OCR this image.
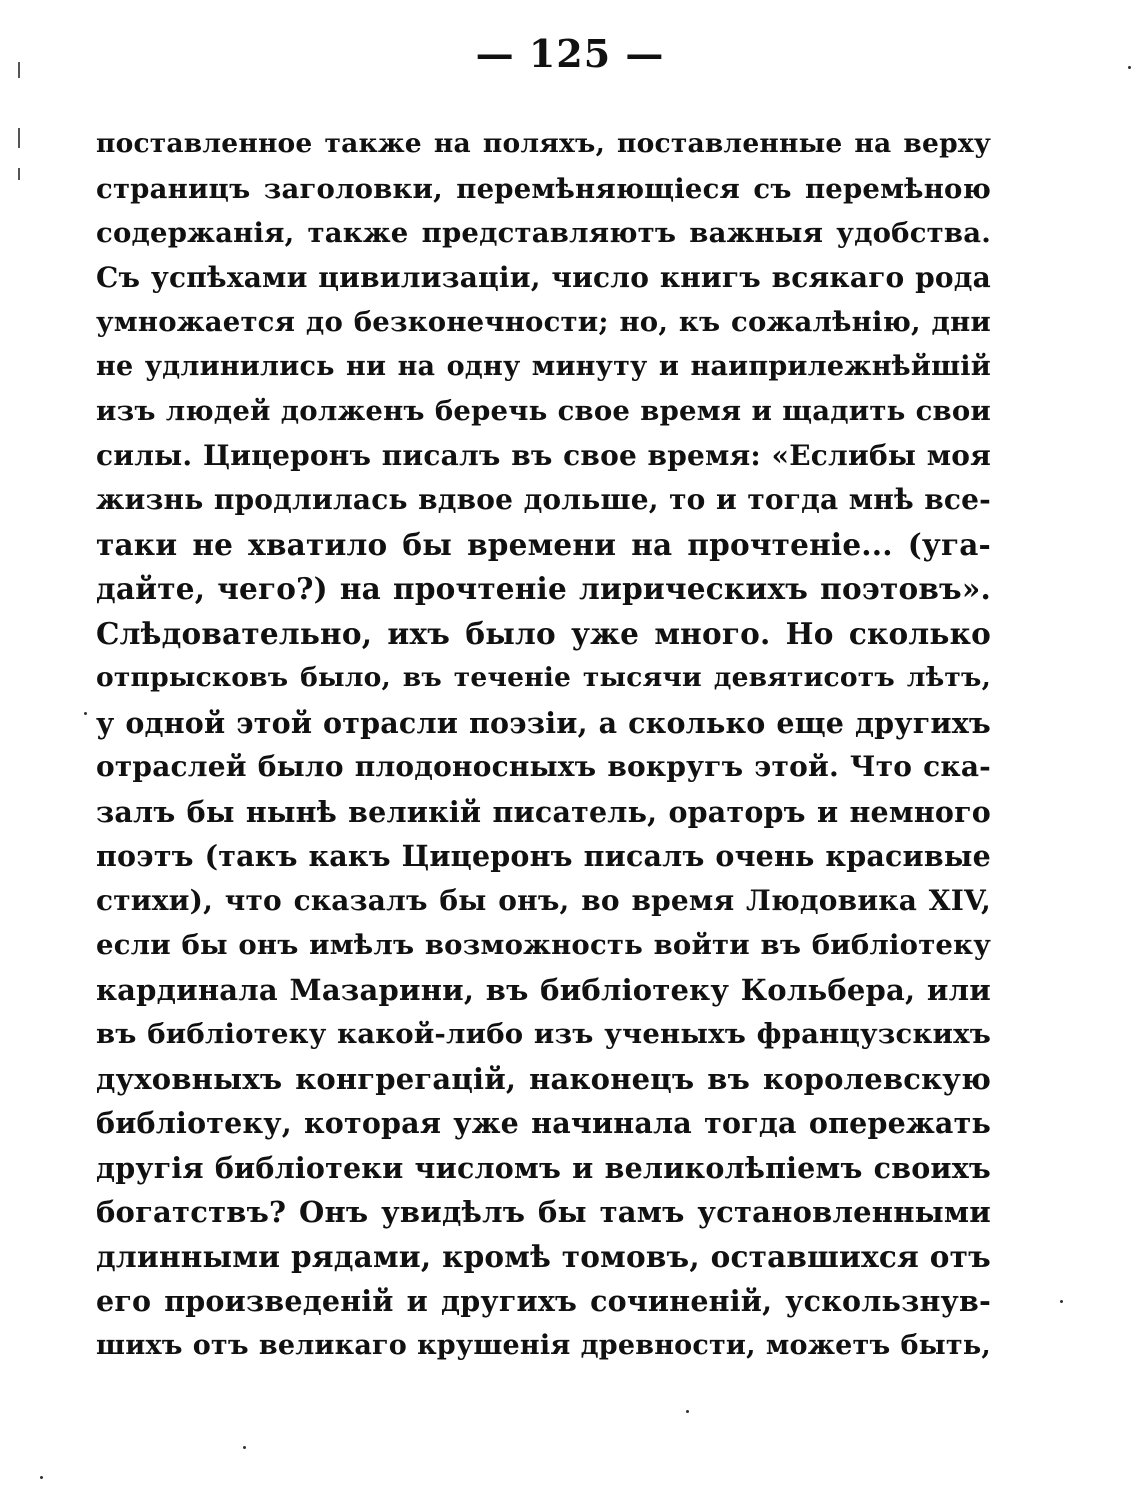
— 125 —
поставленное также на поляхъ, поставленные на верху
страницъ заголовки, перемѣняющіеся съ перемѣною
содержанія, также представляютъ важныя удобства.
Съ успѣхами цивилизаціи, число книгъ всякаго рода
умножается до безконечности; но, къ сожалѣнію, дни
не удлинились ни на одну минуту и наиприлежнѣйшій
изъ людей долженъ беречь свое время и щадить свои
силы. Цицеронъ писалъ въ свое время: «Еслибы моя
жизнь продлилась вдвое дольше, то и тогда мнѣ все-
таки не хватило бы времени на прочтеніе... (уга-
дайте, чего?) на прочтеніе лирическихъ поэтовъ».
Слѣдовательно, ихъ было уже много. Но сколько
отпрысковъ было, въ теченіе тысячи девятисотъ лѣтъ,
у одной этой отрасли поэзіи, а сколько еще другихъ
отраслей было плодоносныхъ вокругъ этой. Что ска-
залъ бы нынѣ великій писатель, ораторъ и немного
поэтъ (такъ какъ Цицеронъ писалъ очень красивые
стихи), что сказалъ бы онъ, во время Людовика XIV,
если бы онъ имѣлъ возможность войти въ библіотеку
кардинала Мазарини, въ библіотеку Кольбера, или
въ библіотеку какой-либо изъ ученыхъ французскихъ
духовныхъ конгрегацій, наконецъ въ королевскую
библіотеку, которая уже начинала тогда опережать
другія библіотеки числомъ и великолѣпіемъ своихъ
богатствъ? Онъ увидѣлъ бы тамъ установленными
длинными рядами, кромѣ томовъ, оставшихся отъ
его произведеній и другихъ сочиненій, ускользнув-
шихъ отъ великаго крушенія древности, можетъ быть,
